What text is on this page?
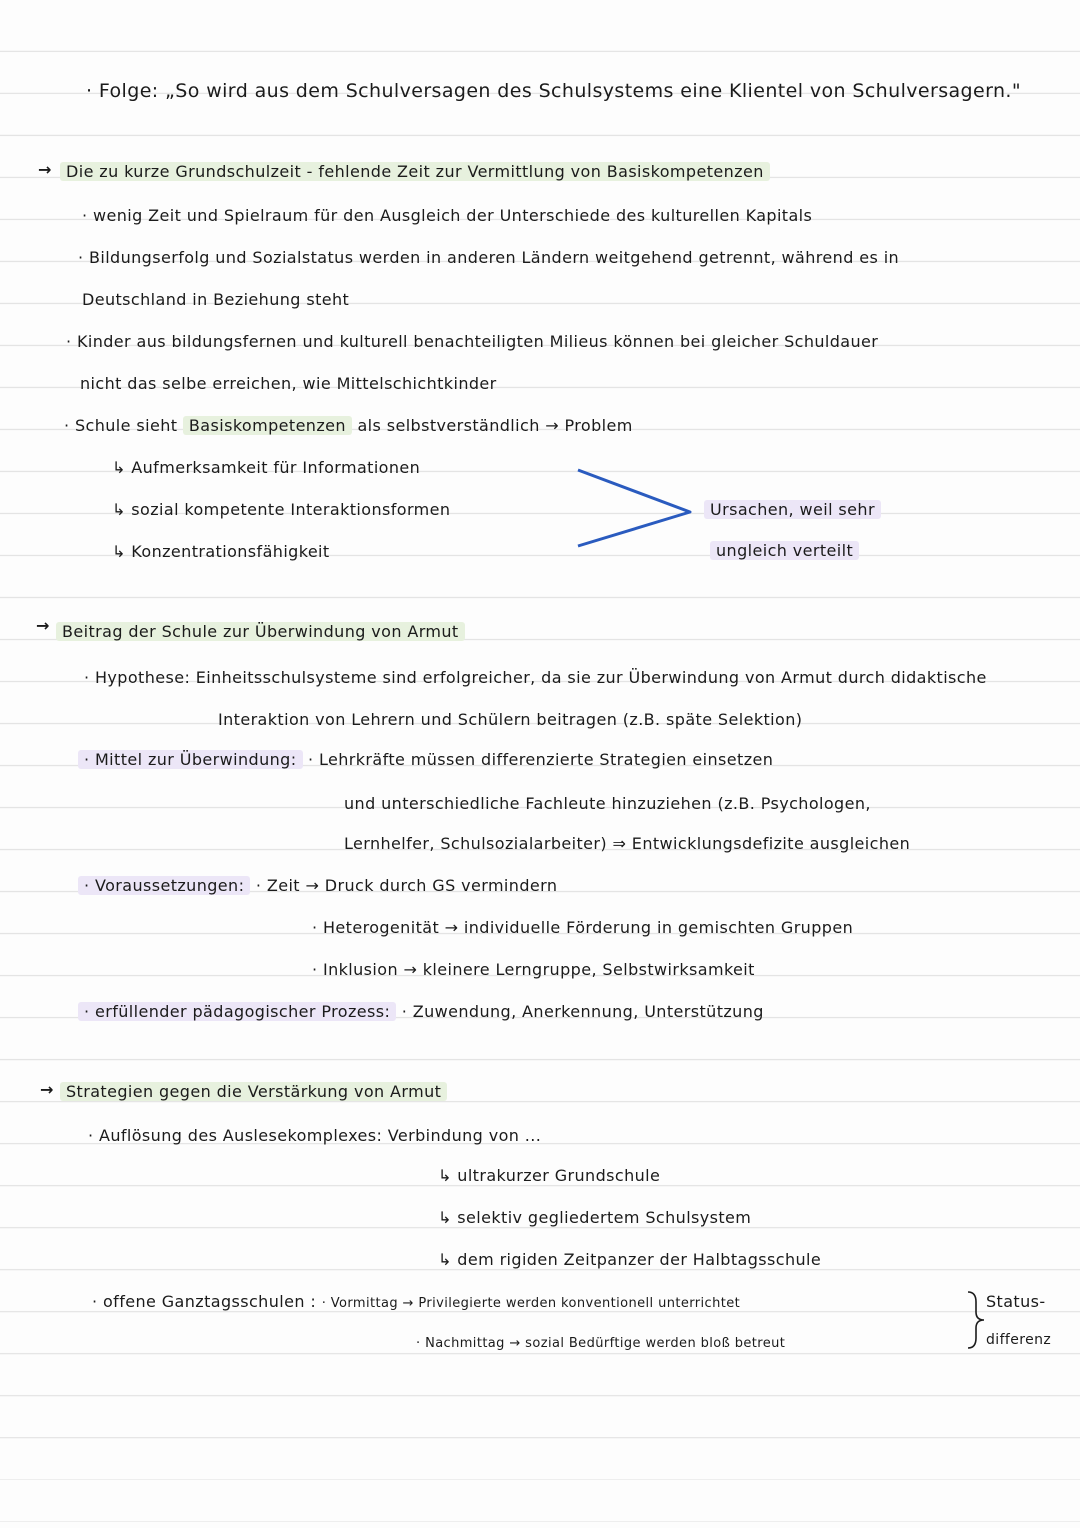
· Folge: „So wird aus dem Schulversagen des Schulsystems eine Klientel von Schulversagern."
→ Die zu kurze Grundschulzeit - fehlende Zeit zur Vermittlung von Basiskompetenzen
· wenig Zeit und Spielraum für den Ausgleich der Unterschiede des kulturellen Kapitals
· Bildungserfolg und Sozialstatus werden in anderen Ländern weitgehend getrennt, während es in
Deutschland in Beziehung steht
· Kinder aus bildungsfernen und kulturell benachteiligten Milieus können bei gleicher Schuldauer
nicht das selbe erreichen, wie Mittelschichtkinder
· Schule sieht Basiskompetenzen als selbstverständlich → Problem
↳ Aufmerksamkeit für Informationen
↳ sozial kompetente Interaktionsformen
↳ Konzentrationsfähigkeit
Ursachen, weil sehr
ungleich verteilt
→ Beitrag der Schule zur Überwindung von Armut
· Hypothese: Einheitsschulsysteme sind erfolgreicher, da sie zur Überwindung von Armut durch didaktische
Interaktion von Lehrern und Schülern beitragen (z.B. späte Selektion)
· Mittel zur Überwindung: · Lehrkräfte müssen differenzierte Strategien einsetzen
und unterschiedliche Fachleute hinzuziehen (z.B. Psychologen,
Lernhelfer, Schulsozialarbeiter) ⇒ Entwicklungsdefizite ausgleichen
· Voraussetzungen: · Zeit → Druck durch GS vermindern
· Heterogenität → individuelle Förderung in gemischten Gruppen
· Inklusion → kleinere Lerngruppe, Selbstwirksamkeit
· erfüllender pädagogischer Prozess: · Zuwendung, Anerkennung, Unterstützung
→ Strategien gegen die Verstärkung von Armut
· Auflösung des Auslesekomplexes: Verbindung von ...
↳ ultrakurzer Grundschule
↳ selektiv gegliedertem Schulsystem
↳ dem rigiden Zeitpanzer der Halbtagsschule
· offene Ganztagsschulen : · Vormittag → Privilegierte werden konventionell unterrichtet
· Nachmittag → sozial Bedürftige werden bloß betreut
Status-
differenz
